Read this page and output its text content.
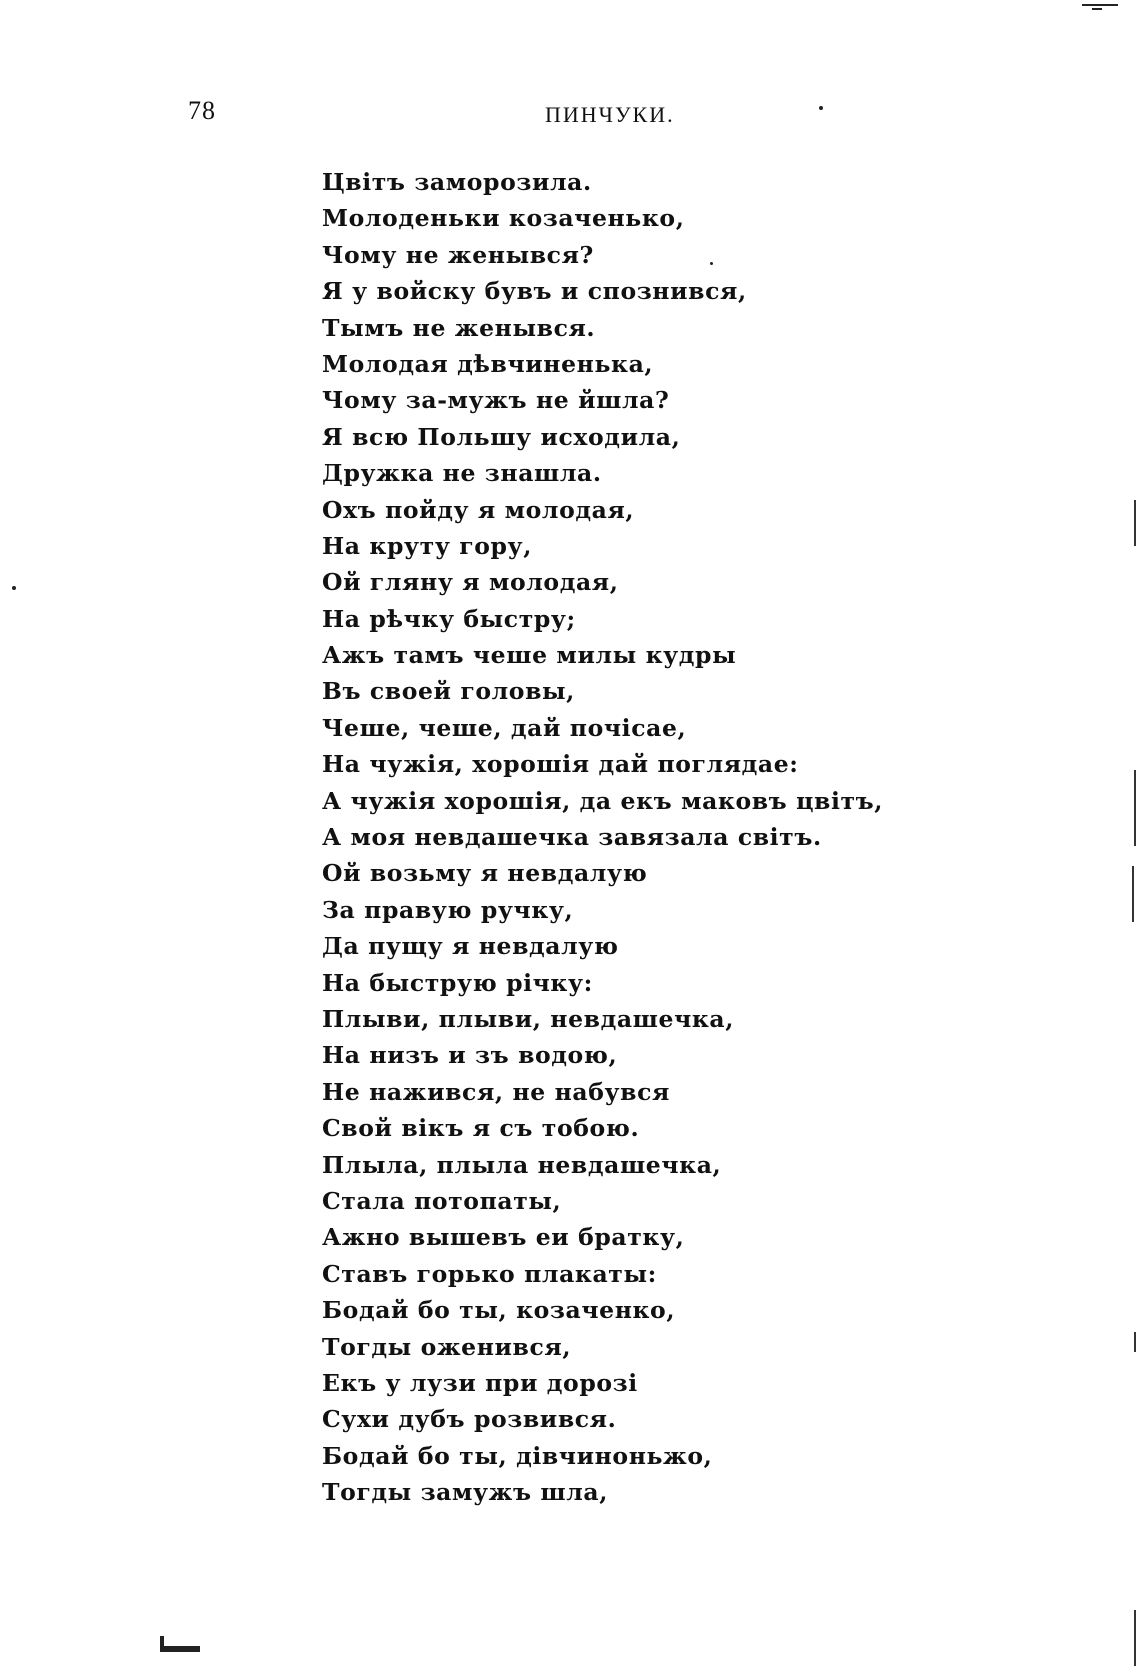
78	ПИНЧУКИ.
Цвітъ заморозила.
Молоденьки козаченько,
Чому не женывся?
Я у войску бувъ и спознився,
Тымъ не женывся.
Молодая дѣвчиненька,
Чому за-мужъ не йшла?
Я всю Польшу исходила,
Дружка не знашла.
Охъ пойду я молодая,
На круту гору,
Ой гляну я молодая,
На рѣчку быстру;
Ажъ тамъ чеше милы кудры
Въ своей головы,
Чеше, чеше, дай почісае,
На чужія, хорошія дай поглядае:
А чужія хорошія, да екъ маковъ цвітъ,
А моя невдашечка завязала світъ.
Ой возьму я невдалую
За правую ручку,
Да пущу я невдалую
На быструю річку:
Плыви, плыви, невдашечка,
На низъ и зъ водою,
Не нажився, не набувся
Свой вікъ я съ тобою.
Плыла, плыла невдашечка,
Стала потопаты,
Ажно вышевъ еи братку,
Ставъ горько плакаты:
Бодай бо ты, козаченко,
Тогды оженився,
Екъ у лузи при дорозі
Сухи дубъ розвився.
Бодай бо ты, дівчиноньжо,
Тогды замужъ шла,
